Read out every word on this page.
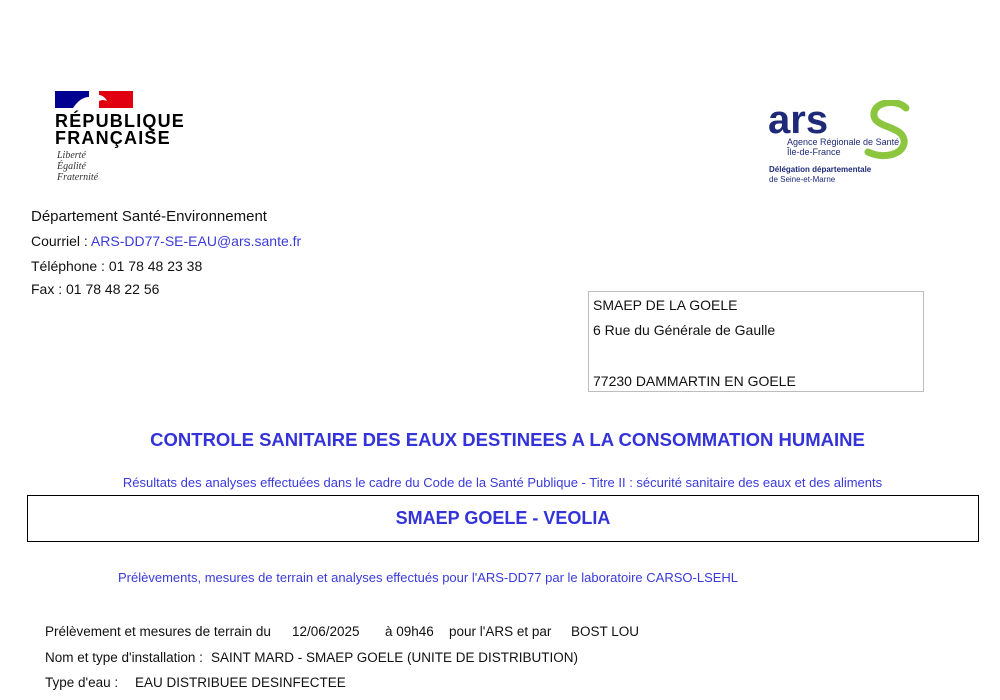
RÉPUBLIQUE
FRANÇAISE
Liberté
Égalité
Fraternité
ars
Agence Régionale de Santé
Île-de-France
Délégation départementale
de Seine-et-Marne
Département Santé-Environnement
Courriel : ARS-DD77-SE-EAU@ars.sante.fr
Téléphone : 01 78 48 23 38
Fax : 01 78 48 22 56
SMAEP DE LA GOELE
6 Rue du Générale de Gaulle
77230 DAMMARTIN EN GOELE
CONTROLE SANITAIRE DES EAUX DESTINEES A LA CONSOMMATION HUMAINE
Résultats des analyses effectuées dans le cadre du Code de la Santé Publique - Titre II : sécurité sanitaire des eaux et des aliments
SMAEP GOELE - VEOLIA
Prélèvements, mesures de terrain et analyses effectués pour l'ARS-DD77 par le laboratoire CARSO-LSEHL
Prélèvement et mesures de terrain du 12/06/2025 à 09h46 pour l'ARS et par BOST LOU
Nom et type d'installation : SAINT MARD - SMAEP GOELE (UNITE DE DISTRIBUTION)
Type d'eau : EAU DISTRIBUEE DESINFECTEE
